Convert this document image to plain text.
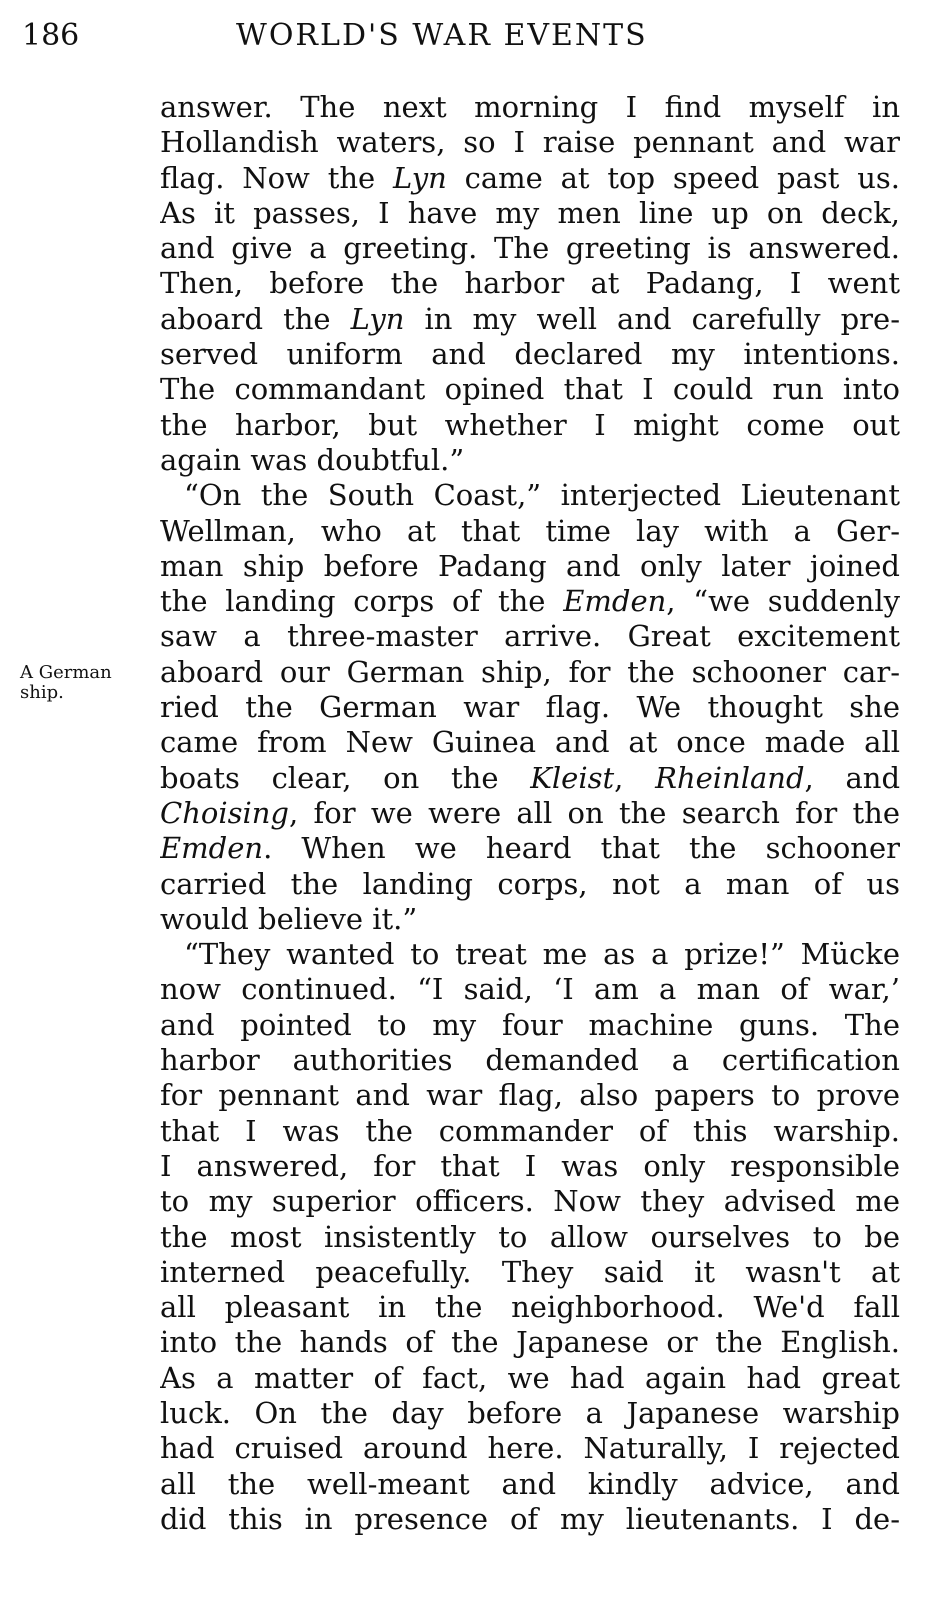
186	WORLD'S WAR EVENTS
A German
ship.
answer. The next morning I find myself in
Hollandish waters, so I raise pennant and war
flag. Now the Lyn came at top speed past us.
As it passes, I have my men line up on deck,
and give a greeting. The greeting is answered.
Then, before the harbor at Padang, I went
aboard the Lyn in my well and carefully pre-
served uniform and declared my intentions.
The commandant opined that I could run into
the harbor, but whether I might come out
again was doubtful.”
“On the South Coast,” interjected Lieutenant
Wellman, who at that time lay with a Ger-
man ship before Padang and only later joined
the landing corps of the Emden, “we suddenly
saw a three-master arrive. Great excitement
aboard our German ship, for the schooner car-
ried the German war flag. We thought she
came from New Guinea and at once made all
boats clear, on the Kleist, Rheinland, and
Choising, for we were all on the search for the
Emden. When we heard that the schooner
carried the landing corps, not a man of us
would believe it.”
“They wanted to treat me as a prize!” Mücke
now continued. “I said, ‘I am a man of war,’
and pointed to my four machine guns. The
harbor authorities demanded a certification
for pennant and war flag, also papers to prove
that I was the commander of this warship.
I answered, for that I was only responsible
to my superior officers. Now they advised me
the most insistently to allow ourselves to be
interned peacefully. They said it wasn't at
all pleasant in the neighborhood. We'd fall
into the hands of the Japanese or the English.
As a matter of fact, we had again had great
luck. On the day before a Japanese warship
had cruised around here. Naturally, I rejected
all the well-meant and kindly advice, and
did this in presence of my lieutenants. I de-
